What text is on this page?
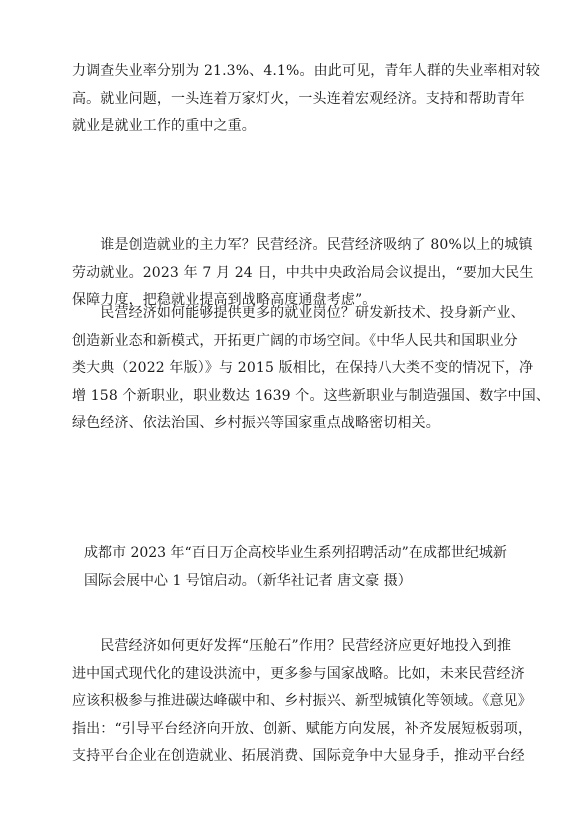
力调查失业率分别为 21.3%、4.1%。由此可见，青年人群的失业率相对较
高。就业问题，一头连着万家灯火，一头连着宏观经济。支持和帮助青年
就业是就业工作的重中之重。

　　谁是创造就业的主力军？民营经济。民营经济吸纳了 80%以上的城镇
劳动就业。2023 年 7 月 24 日，中共中央政治局会议提出，“要加大民生
保障力度，把稳就业提高到战略高度通盘考虑”。

　　民营经济如何能够提供更多的就业岗位？研发新技术、投身新产业、
创造新业态和新模式，开拓更广阔的市场空间。《中华人民共和国职业分
类大典（2022 年版）》与 2015 版相比，在保持八大类不变的情况下，净
增 158 个新职业，职业数达 1639 个。这些新职业与制造强国、数字中国、
绿色经济、依法治国、乡村振兴等国家重点战略密切相关。

成都市 2023 年“百日万企高校毕业生系列招聘活动”在成都世纪城新
国际会展中心 1 号馆启动。（新华社记者 唐文豪 摄）

　　民营经济如何更好发挥“压舱石”作用？民营经济应更好地投入到推
进中国式现代化的建设洪流中，更多参与国家战略。比如，未来民营经济
应该积极参与推进碳达峰碳中和、乡村振兴、新型城镇化等领域。《意见》
指出：“引导平台经济向开放、创新、赋能方向发展，补齐发展短板弱项，
支持平台企业在创造就业、拓展消费、国际竞争中大显身手，推动平台经
